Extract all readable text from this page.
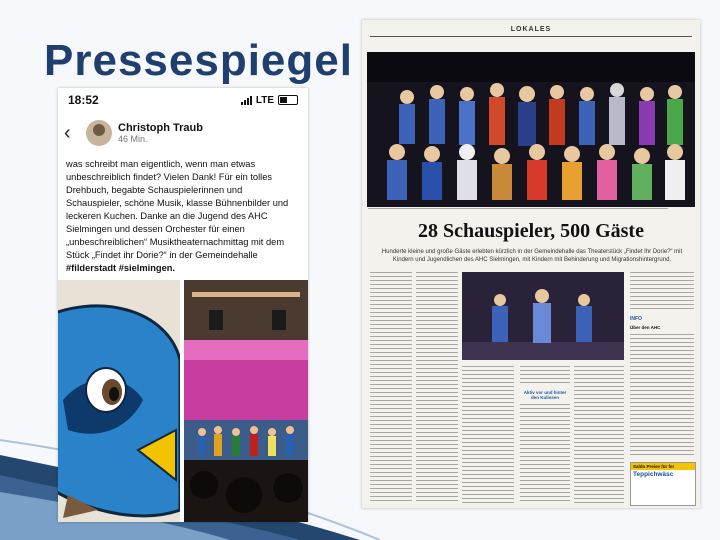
Pressespiegel
18:52	LTE
‹	Christoph Traub
46 Min.
was schreibt man eigentlich, wenn man etwas unbeschreiblich findet? Vielen Dank! Für ein tolles Drehbuch, begabte Schauspielerinnen und Schauspieler, schöne Musik, klasse Bühnenbilder und leckeren Kuchen. Danke an die Jugend des AHC Sielmingen und dessen Orchester für einen „unbeschreiblichen“ Musiktheaternachmittag mit dem Stück „Findet ihr Dorie?“ in der Gemeindehalle #filderstadt #sielmingen.
LOKALES
28 Schauspieler, 500 Gäste
Hunderte kleine und große Gäste erlebten kürzlich in der Gemeindehalle das Theaterstück „Findet Ihr Dorie?“ mit Kindern und Jugendlichen des AHC Sielmingen, mit Kindern mit Behinderung und Migrationshintergrund.
Aktiv vor und hinter den Kulissen
INFO
Über den AHC
Saldo Preise für fer
Teppichwäsc
